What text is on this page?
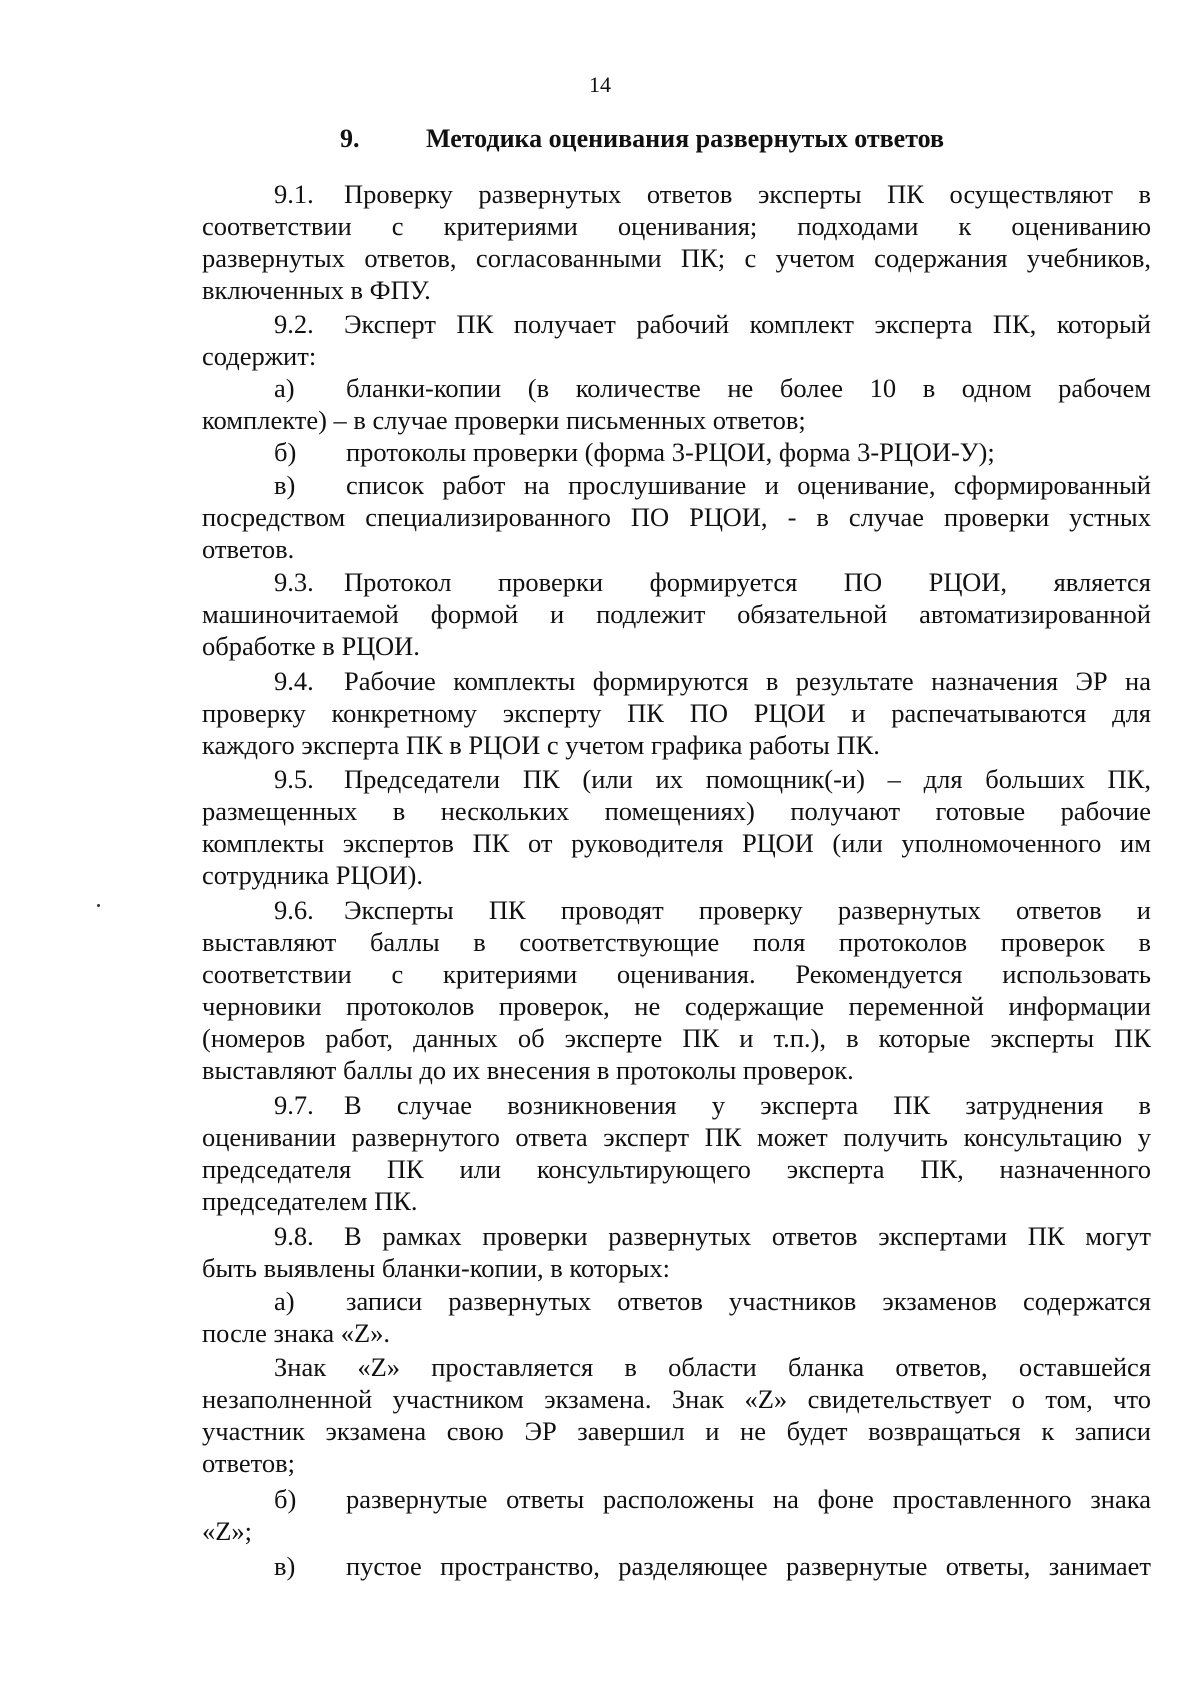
14
9.	Методика оценивания развернутых ответов
9.1.	Проверку развернутых ответов эксперты ПК осуществляют в
соответствии с критериями оценивания; подходами к оцениванию
развернутых ответов, согласованными ПК; с учетом содержания учебников,
включенных в ФПУ.
9.2.	Эксперт ПК получает рабочий комплект эксперта ПК, который
содержит:
а)	бланки-копии (в количестве не более 10 в одном рабочем
комплекте) – в случае проверки письменных ответов;
б)	протоколы проверки (форма 3-РЦОИ, форма 3-РЦОИ-У);
в)	список работ на прослушивание и оценивание, сформированный
посредством специализированного ПО РЦОИ, - в случае проверки устных
ответов.
9.3.	Протокол проверки формируется ПО РЦОИ, является
машиночитаемой формой и подлежит обязательной автоматизированной
обработке в РЦОИ.
9.4.	Рабочие комплекты формируются в результате назначения ЭР на
проверку конкретному эксперту ПК ПО РЦОИ и распечатываются для
каждого эксперта ПК в РЦОИ с учетом графика работы ПК.
9.5.	Председатели ПК (или их помощник(-и) – для больших ПК,
размещенных в нескольких помещениях) получают готовые рабочие
комплекты экспертов ПК от руководителя РЦОИ (или уполномоченного им
сотрудника РЦОИ).
9.6.	Эксперты ПК проводят проверку развернутых ответов и
выставляют баллы в соответствующие поля протоколов проверок в
соответствии с критериями оценивания. Рекомендуется использовать
черновики протоколов проверок, не содержащие переменной информации
(номеров работ, данных об эксперте ПК и т.п.), в которые эксперты ПК
выставляют баллы до их внесения в протоколы проверок.
9.7.	В случае возникновения у эксперта ПК затруднения в
оценивании развернутого ответа эксперт ПК может получить консультацию у
председателя ПК или консультирующего эксперта ПК, назначенного
председателем ПК.
9.8.	В рамках проверки развернутых ответов экспертами ПК могут
быть выявлены бланки-копии, в которых:
а)	записи развернутых ответов участников экзаменов содержатся
после знака «Z».
Знак «Z» проставляется в области бланка ответов, оставшейся
незаполненной участником экзамена. Знак «Z» свидетельствует о том, что
участник экзамена свою ЭР завершил и не будет возвращаться к записи
ответов;
б)	развернутые ответы расположены на фоне проставленного знака
«Z»;
в)	пустое пространство, разделяющее развернутые ответы, занимает
